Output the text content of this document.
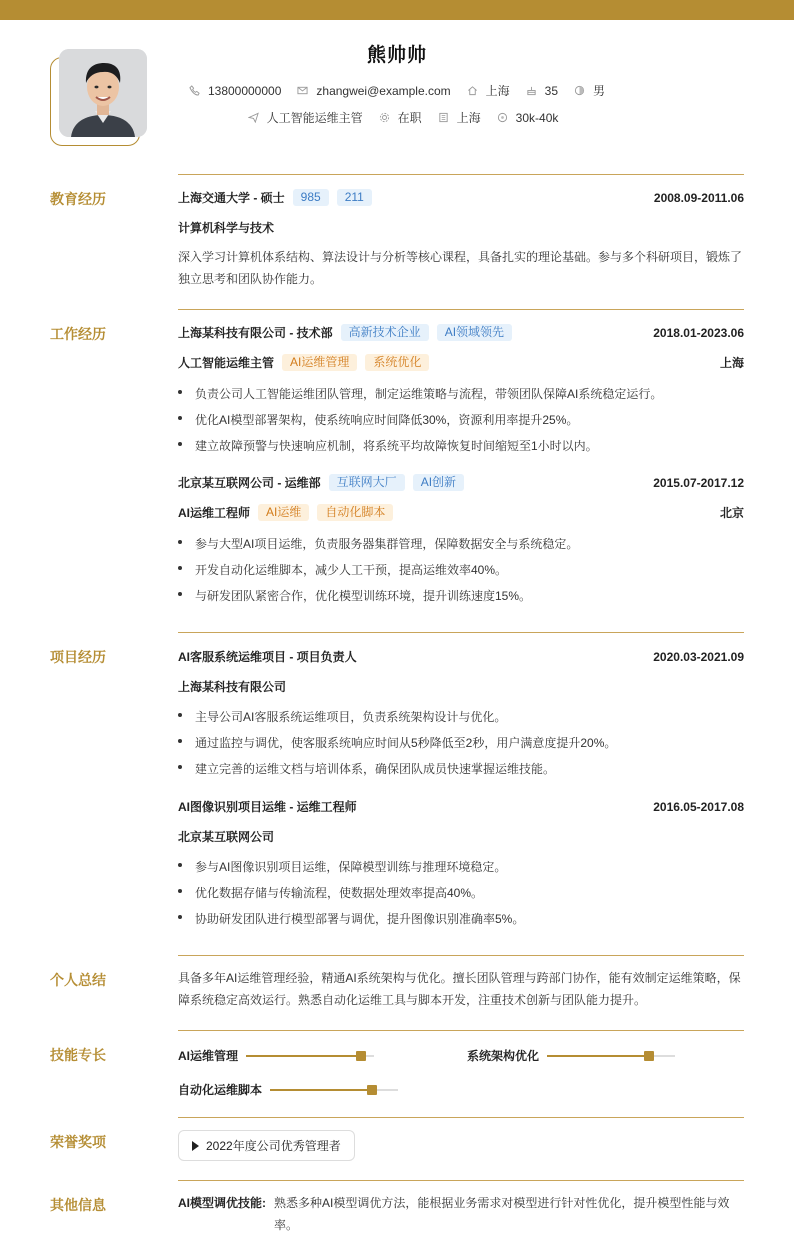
熊帅帅
13800000000	zhangwei@example.com	上海	35	男
人工智能运维主管	在职	上海	30k-40k
教育经历	上海交通大学 - 硕士	985	211	2008.09-2011.06
计算机科学与技术
深入学习计算机体系结构、算法设计与分析等核心课程，具备扎实的理论基础。参与多个科研项目，锻炼了独立思考和团队协作能力。
工作经历	上海某科技有限公司 - 技术部	高新技术企业	AI领域领先	2018.01-2023.06
人工智能运维主管	AI运维管理	系统优化	上海
负责公司人工智能运维团队管理，制定运维策略与流程，带领团队保障AI系统稳定运行。
优化AI模型部署架构，使系统响应时间降低30%，资源利用率提升25%。
建立故障预警与快速响应机制，将系统平均故障恢复时间缩短至1小时以内。
北京某互联网公司 - 运维部	互联网大厂	AI创新	2015.07-2017.12
AI运维工程师	AI运维	自动化脚本	北京
参与大型AI项目运维，负责服务器集群管理，保障数据安全与系统稳定。
开发自动化运维脚本，减少人工干预，提高运维效率40%。
与研发团队紧密合作，优化模型训练环境，提升训练速度15%。
项目经历	AI客服系统运维项目 - 项目负责人	2020.03-2021.09
上海某科技有限公司
主导公司AI客服系统运维项目，负责系统架构设计与优化。
通过监控与调优，使客服系统响应时间从5秒降低至2秒，用户满意度提升20%。
建立完善的运维文档与培训体系，确保团队成员快速掌握运维技能。
AI图像识别项目运维 - 运维工程师	2016.05-2017.08
北京某互联网公司
参与AI图像识别项目运维，保障模型训练与推理环境稳定。
优化数据存储与传输流程，使数据处理效率提高40%。
协助研发团队进行模型部署与调优，提升图像识别准确率5%。
个人总结	具备多年AI运维管理经验，精通AI系统架构与优化。擅长团队管理与跨部门协作，能有效制定运维策略，保障系统稳定高效运行。熟悉自动化运维工具与脚本开发，注重技术创新与团队能力提升。
技能专长	AI运维管理	系统架构优化
自动化运维脚本
荣誉奖项	2022年度公司优秀管理者
其他信息	AI模型调优技能: 熟悉多种AI模型调优方法，能根据业务需求对模型进行针对性优化，提升模型性能与效率。
